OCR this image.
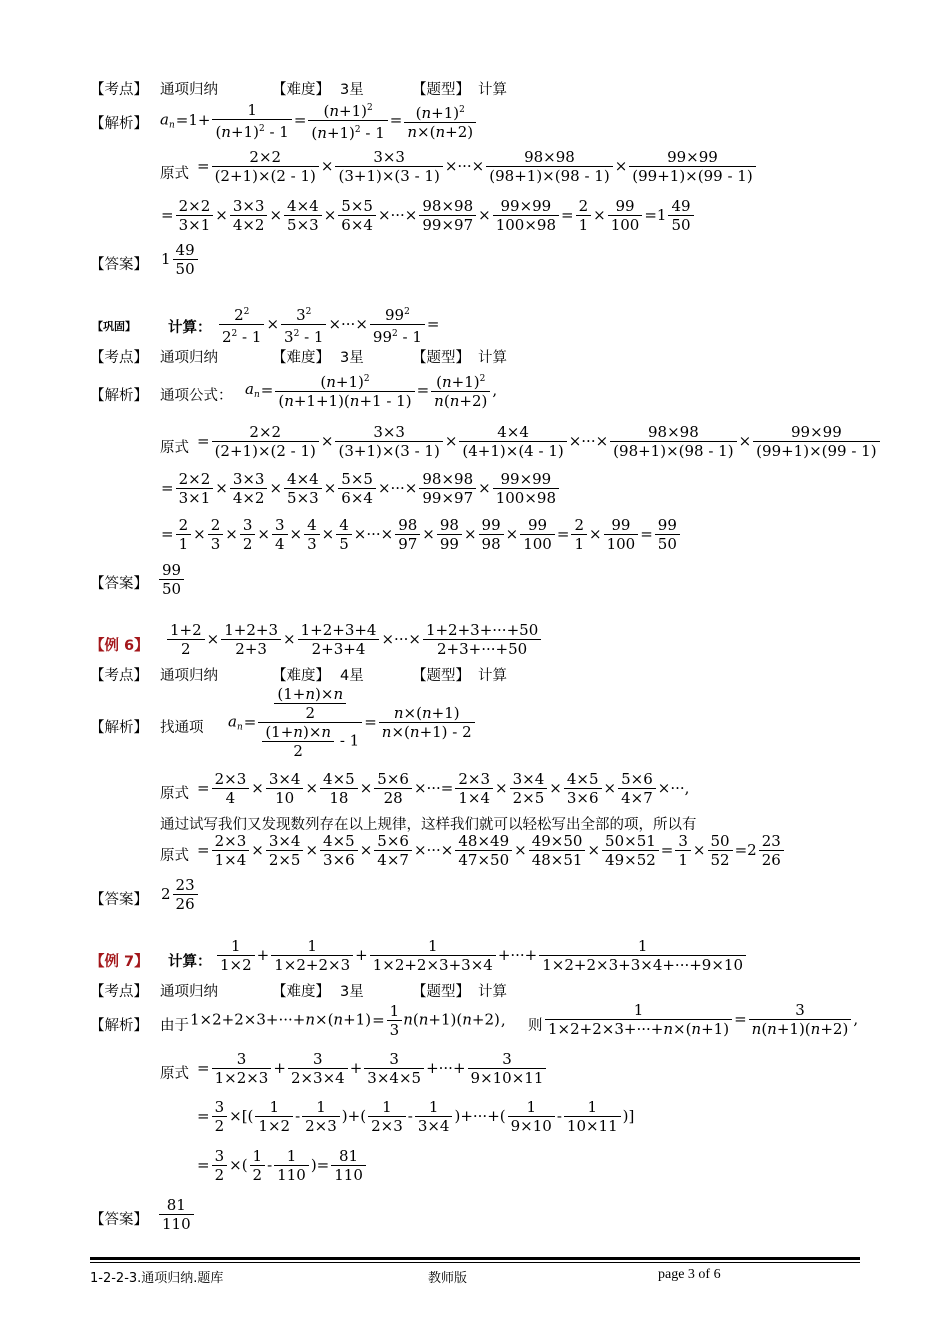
【考点】 通项归纳	【难度】 3星	【题型】 计算
【解析】 $a_n=1+ \frac{1}{(n+1)^2 - 1} = \frac{(n+1)^2}{(n+1)^2 - 1} = \frac{(n+1)^2}{n\times(n+2)}$
原式 = $\frac{2\times 2}{(2+1)\times(2 - 1)} \times \frac{3\times 3}{(3+1)\times(3 - 1)}$ ×···× $\frac{98\times 98}{(98+1)\times(98 - 1)} \times \frac{99\times 99}{(99+1)\times(99 - 1)}$
= $\frac{2\times 2}{3\times 1} \times \frac{3\times 3}{4\times 2} \times \frac{4\times 4}{5\times 3} \times \frac{5\times 5}{6\times 4}$ ×···× $\frac{98\times 98}{99\times 97} \times \frac{99\times 99}{100\times 98} = \frac{2}{1} \times \frac{99}{100} =1 \frac{49}{50}$
【答案】 $1 \frac{49}{50}$
【巩固】 计算： $\frac{2^2}{2^2 - 1} \times \frac{3^2}{3^2 - 1}$ ×···× $\frac{99^2}{99^2 - 1}$ =
【考点】 通项归纳	【难度】 3星	【题型】 计算
【解析】 通项公式： $a_n= \frac{(n+1)^2}{(n+1+1)(n+1 - 1)} = \frac{(n+1)^2}{n(n+2)}$ ,
原式 = $\frac{2\times 2}{(2+1)\times(2 - 1)} \times \frac{3\times 3}{(3+1)\times(3 - 1)} \times \frac{4\times 4}{(4+1)\times(4 - 1)}$ ×···× $\frac{98\times 98}{(98+1)\times(98 - 1)} \times \frac{99\times 99}{(99+1)\times(99 - 1)}$
= $\frac{2\times 2}{3\times 1} \times \frac{3\times 3}{4\times 2} \times \frac{4\times 4}{5\times 3} \times \frac{5\times 5}{6\times 4}$ ×···× $\frac{98\times 98}{99\times 97} \times \frac{99\times 99}{100\times 98}$
= $\frac{2}{1} \times \frac{2}{3} \times \frac{3}{2} \times \frac{3}{4} \times \frac{4}{3} \times \frac{4}{5}$ ×···× $\frac{98}{97} \times \frac{98}{99} \times \frac{99}{98} \times \frac{99}{100} = \frac{2}{1} \times \frac{99}{100} = \frac{99}{50}$
【答案】 $\frac{99}{50}$
【例 6】 $\frac{1+2}{2} \times \frac{1+2+3}{2+3} \times \frac{1+2+3+4}{2+3+4}$ ×···× $\frac{1+2+3+\cdot\cdot\cdot+50}{2+3+\cdot\cdot\cdot+50}$
【考点】 通项归纳	【难度】 4星	【题型】 计算
【解析】 找通项 $a_n= \frac{\frac{(1+n)\times n}{2}}{\frac{(1+n)\times n}{2} - 1} = \frac{n\times(n+1)}{n\times(n+1) - 2}$
原式 = $\frac{2\times 3}{4} \times \frac{3\times 4}{10} \times \frac{4\times 5}{18} \times \frac{5\times 6}{28}$ ×···= $\frac{2\times 3}{1\times 4} \times \frac{3\times 4}{2\times 5} \times \frac{4\times 5}{3\times 6} \times \frac{5\times 6}{4\times 7}$ ×···,
通过试写我们又发现数列存在以上规律，这样我们就可以轻松写出全部的项，所以有
原式 = $\frac{2\times 3}{1\times 4} \times \frac{3\times 4}{2\times 5} \times \frac{4\times 5}{3\times 6} \times \frac{5\times 6}{4\times 7}$ ×···× $\frac{48\times 49}{47\times 50} \times \frac{49\times 50}{48\times 51} \times \frac{50\times 51}{49\times 52} = \frac{3}{1} \times \frac{50}{52} =2 \frac{23}{26}$
【答案】 $2 \frac{23}{26}$
【例 7】 计算： $\frac{1}{1\times 2} + \frac{1}{1\times 2+2\times 3} + \frac{1}{1\times 2+2\times 3+3\times 4}$ +···+ $\frac{1}{1\times 2+2\times 3+3\times 4+\cdot\cdot\cdot+9\times 10}$
【考点】 通项归纳	【难度】 3星	【题型】 计算
【解析】 由于 $1\times 2+2\times 3+\cdot\cdot\cdot+n\times(n+1)= \frac{1}{3} n(n+1)(n+2)$, 则 $\frac{1}{1\times 2+2\times 3+\cdot\cdot\cdot+n\times(n+1)} = \frac{3}{n(n+1)(n+2)}$ ,
原式 = $\frac{3}{1\times 2\times 3} + \frac{3}{2\times 3\times 4} + \frac{3}{3\times 4\times 5}$ +···+ $\frac{3}{9\times 10\times 11}$
= $\frac{3}{2}$ ×[( $\frac{1}{1\times 2} - \frac{1}{2\times 3}$ )+( $\frac{1}{2\times 3} - \frac{1}{3\times 4}$ )+···+( $\frac{1}{9\times 10} - \frac{1}{10\times 11}$ )]
= $\frac{3}{2}$ ×( $\frac{1}{2} - \frac{1}{110}$ )= $\frac{81}{110}$
【答案】 $\frac{81}{110}$
1-2-2-3.通项归纳.题库	教师版	page 3 of 6
